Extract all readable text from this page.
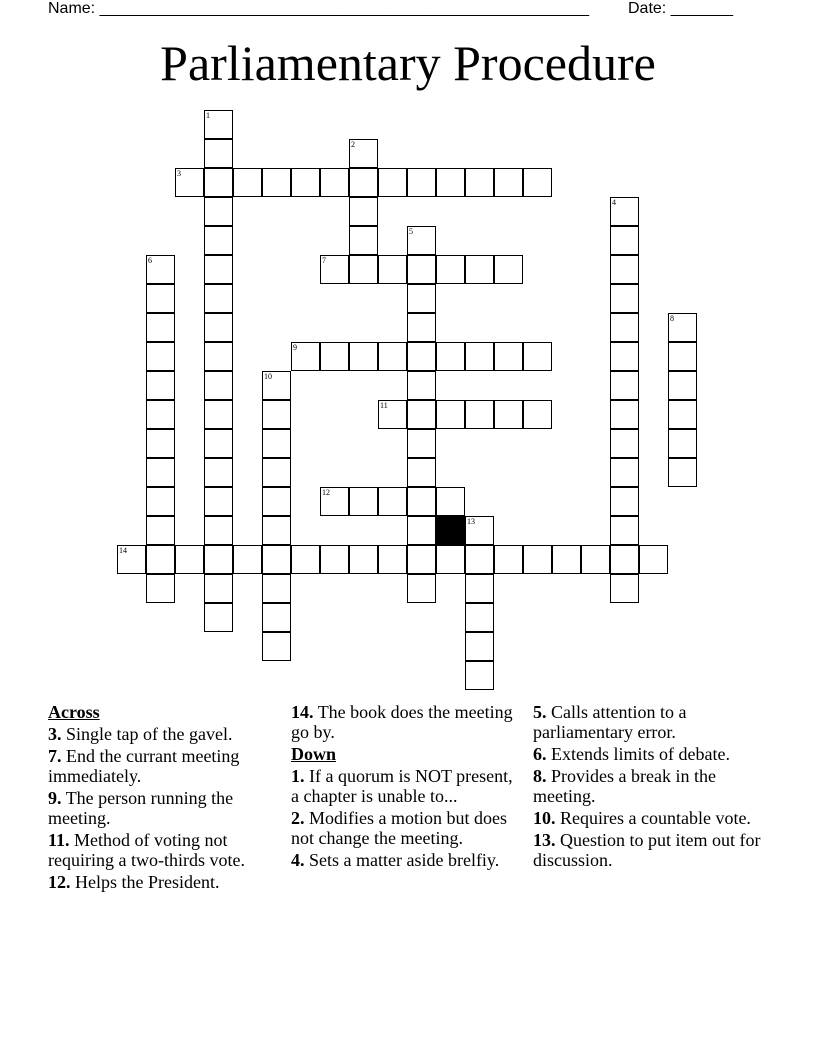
Name: _______________________________________________________ Date: _______
Parliamentary Procedure
1
2
3
4
5
6	7
8
9
10
11
12
13
14
Across
3. Single tap of the gavel.
7. End the currant meeting immediately.
9. The person running the meeting.
11. Method of voting not requiring a two-thirds vote.
12. Helps the President.
14. The book does the meeting go by.
Down
1. If a quorum is NOT present, a chapter is unable to...
2. Modifies a motion but does not change the meeting.
4. Sets a matter aside brelfiy.
5. Calls attention to a parliamentary error.
6. Extends limits of debate.
8. Provides a break in the meeting.
10. Requires a countable vote.
13. Question to put item out for discussion.
